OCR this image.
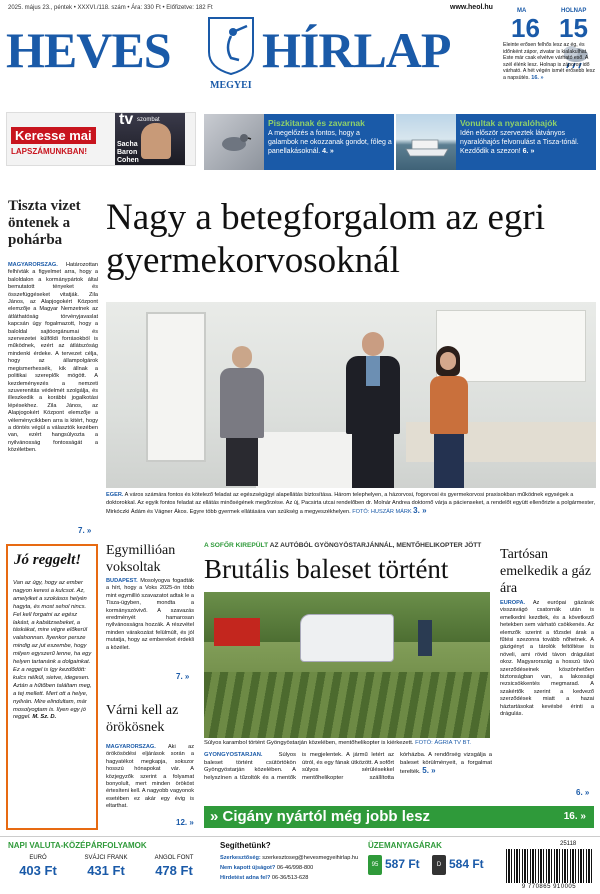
2025. május 23., péntek • XXXVI./118. szám • Ára: 330 Ft • Előfizetve: 182 Ft	www.heol.hu
HEVES HÍRLAP
MEGYEI
MA	HOLNAP
16 15
Eleinte erősen felhős lesz az ég, és időnként zápor, zivatar is kialakulhat. Este már csak elvétve várható eső. A szél élénk lesz. Holnap is záporos idő várható. A hét végén ismét erősebb lesz a napsütés. 16. »
Keresse mai
LAPSZÁMUNKBAN!
tv szombat
Sacha Baron Cohen
Piszkitanak és zavarnak
A megelőzés a fontos, hogy a galambok ne okozzanak gondot, főleg a panellakásoknál. 4. »
Vonultak a nyaralóhajók
Idén először szerveztek látványos nyaralóhajós felvonulást a Tisza-tónál. Kezdődik a szezon! 6. »
Tiszta vizet öntenek a pohárba
MAGYARORSZÁG. Határozottan felhívták a figyelmet arra, hogy a baloldalon a kormánypártok által bemutatott tényeket és összefüggéseket vitatják. Zila János, az Alapjogokért Központ elemzője a Magyar Nemzetnek az átláthatóság törvényjavaslat kapcsán úgy fogalmazott, hogy a baloldal sajtóorgánumai és szervezetei külföldi forrásokból is működnek, ezért az átlátszóság mindenki érdeke. A tervezet célja, hogy az állampolgárok megismerhessék, kik állnak a politikai szereplők mögött. A kezdeményezés a nemzeti szuverenitás védelmét szolgálja, és illeszkedik a korábbi jogalkotási lépésekhez. Zila János, az Alapjogokért Központ elemzője a véleménycikkben arra is kitért, hogy a döntés végül a választók kezében van, ezért hangsúlyozta a nyilvánosság fontosságát a közéletben.
7. »
Nagy a betegforgalom az egri gyermekorvosoknál
EGER. A város számára fontos és kötelező feladat az egészségügyi alapellátás biztosítása. Három telephelyen, a házorvosi, fogorvosi és gyermekorvosi praxisokban működnek egységek a doktorokkal. Az egyik fontos feladat az ellátás minőségének megőrzése. Az új, Pacsirta utcai rendelőben dr. Molnár Andrea doktornő várja a pácienseket, a rendelőt együtt ellenőrizte a polgármester, Mirkóczki Ádám és Vágner Ákos. Egyre több gyermek ellátására van szükség a megyeszékhelyen. FOTÓ: HUSZÁR MÁRK 3. »
Jó reggelt!
Van az úgy, hogy az ember nagyon keresi a kulcsot. Az, amelyiket a szokásos helyén hagyta, és most sehol nincs. Fel kell forgatni az egész lakást, a kabátzsebeket, a táskákat, mire végre előkerül valahonnan. Ilyenkor persze mindig az jut eszembe, hogy milyen egyszerű lenne, ha egy helyen tartanánk a dolgainkat. Ez a reggel is így kezdődött: kulcs nélkül, sietve, idegesen. Aztán a hűtőben találtam meg, a tej mellett. Mert ott a helye, nyilván. Mire elindultam, már mosolyogtam is. Ilyen egy jó reggel. M. Sz. D.
Egymillióan voksoltak
BUDAPEST. Mosolyogva fogadták a hírt, hogy a Voks 2025-ön több mint egymillió szavazatot adtak le a Tisza-ügyben, mondta a kormányszóvivő. A szavazás eredményét hamarosan nyilvánosságra hozzák. A részvétel minden várakozást felülmúlt, és jól mutatja, hogy az embereket érdekli a közélet.
7. »
Várni kell az örökösnek
MAGYARORSZÁG. Aki az örökösödési eljárások során a hagyatékot megkapja, sokszor hosszú hónapokat vár. A közjegyzők szerint a folyamat bonyolult, mert minden örököst értesíteni kell. A nagyobb vagyonok esetében ez akár egy évig is eltarthat.
12. »
A SOFŐR KIREPÜLT AZ AUTÓBÓL GYÖNGYÖSTARJÁNNÁL, MENTŐHELIKOPTER JÖTT
Brutális baleset történt
Súlyos karambol történt Gyöngyöstarján közelében, mentőhelikopter is kiérkezett. FOTÓ: ÁGRIA TV BT.
GYÖNGYÖSTARJÁN.	Súlyos baleset történt csütörtökön Gyöngyöstarján közelében. A helyszínen a tűzoltók és a mentők is megjelentek. A jármű letért az útról, és egy fának ütközött. A sofőrt súlyos sérülésekkel mentőhelikopter szállította kórházba. A rendőrség vizsgálja a baleset körülményeit, a forgalmat terelték. 5. »
» Cigány nyártól még jobb lesz	16. »
Tartósan emelkedik a gáz ára
EURÓPA. Az európai gázárak visszavágó csatornák után is emelkedni kezdtek, és a következő hetekben sem várható csökkenés. Az elemzők szerint a tőzsdei árak a fűtési szezonra tovább nőhetnek. A gázigényt a tárolók feltöltése is növeli, ami rövid távon drágulást okoz. Magyarország a hosszú távú szerződéseinek köszönhetően biztonságban van, a lakossági rezsicsökkentés megmarad. A szakértők szerint a kedvező szerződések miatt a hazai háztartásokat kevésbé érinti a drágulás.
6. »
NAPI VALUTA-KÖZÉPÁRFOLYAMOK
EURÓ
403 Ft
SVÁJCI FRANK
431 Ft
ANGOL FONT
478 Ft
Segíthetünk?
Szerkesztőség: szerkesztoseg@hevesmegyeihirlap.hu
Nem kapott újságot? 06-46/998-800
Hirdetést adna fel? 06-36/513-628
ÜZEMANYAGÁRAK
95 587 Ft	D 584 Ft
25118
9 770865 910005
